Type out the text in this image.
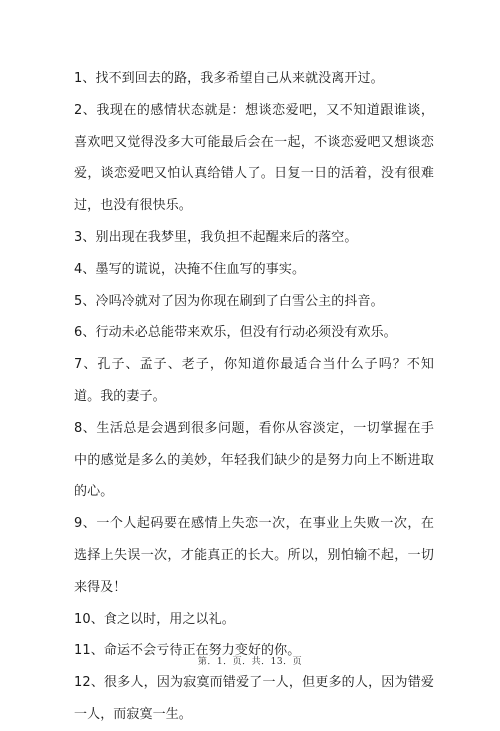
1、找不到回去的路，我多希望自己从来就没离开过。

2、我现在的感情状态就是：想谈恋爱吧，又不知道跟谁谈，喜欢吧又觉得没多大可能最后会在一起，不谈恋爱吧又想谈恋爱，谈恋爱吧又怕认真给错人了。日复一日的活着，没有很难过，也没有很快乐。

3、别出现在我梦里，我负担不起醒来后的落空。

4、墨写的谎说，决掩不住血写的事实。

5、冷吗冷就对了因为你现在刷到了白雪公主的抖音。

6、行动未必总能带来欢乐，但没有行动必须没有欢乐。

7、孔子、孟子、老子，你知道你最适合当什么子吗？不知道。我的妻子。

8、生活总是会遇到很多问题，看你从容淡定，一切掌握在手中的感觉是多么的美妙，年轻我们缺少的是努力向上不断进取的心。

9、一个人起码要在感情上失恋一次，在事业上失败一次，在选择上失误一次，才能真正的长大。所以，别怕输不起，一切来得及！

10、食之以时，用之以礼。

11、命运不会亏待正在努力变好的你。

12、很多人，因为寂寞而错爱了一人，但更多的人，因为错爱一人，而寂寞一生。

第．1．页．共．13．页
